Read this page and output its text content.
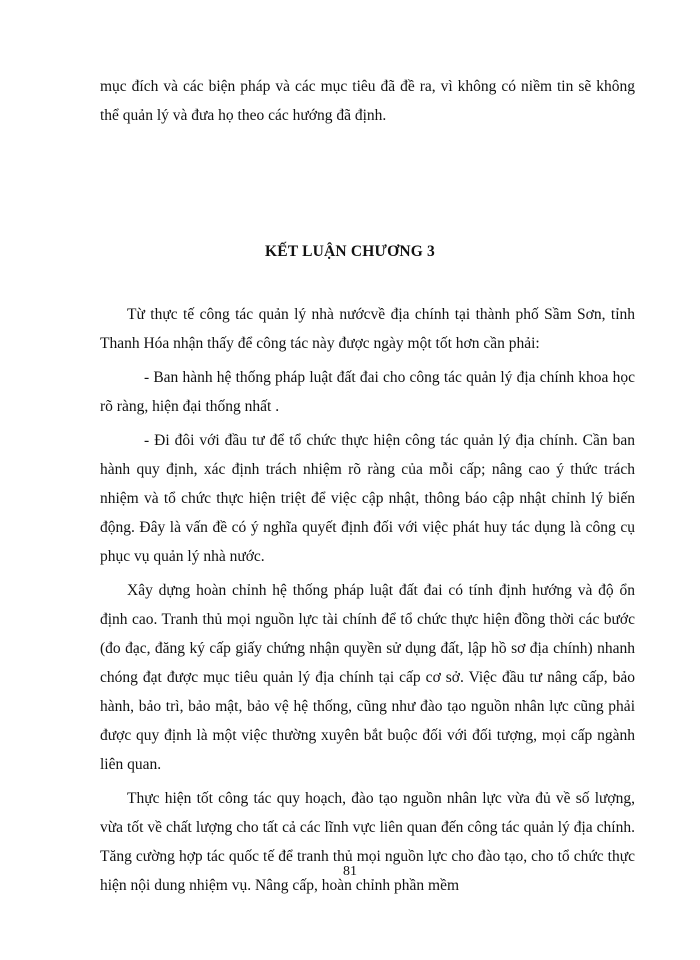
mục đích và các biện pháp và các mục tiêu đã đề ra, vì không có niềm tin sẽ không thể quản lý và đưa họ theo các hướng đã định.

KẾT LUẬN CHƯƠNG 3

Từ thực tế công tác quản lý nhà nướcvề địa chính tại thành phố Sầm Sơn, tỉnh Thanh Hóa nhận thấy để công tác này được ngày một tốt hơn cần phải:

- Ban hành hệ thống pháp luật đất đai cho công tác quản lý địa chính khoa học rõ ràng, hiện đại thống nhất .

- Đi đôi với đầu tư để tổ chức thực hiện công tác quản lý địa chính. Cần ban hành quy định, xác định trách nhiệm rõ ràng của mỗi cấp; nâng cao ý thức trách nhiệm và tổ chức thực hiện triệt để việc cập nhật, thông báo cập nhật chỉnh lý biến động. Đây là vấn đề có ý nghĩa quyết định đối với việc phát huy tác dụng là công cụ phục vụ quản lý nhà nước.

Xây dựng hoàn chỉnh hệ thống pháp luật đất đai có tính định hướng và độ ổn định cao. Tranh thủ mọi nguồn lực tài chính để tổ chức thực hiện đồng thời các bước (đo đạc, đăng ký cấp giấy chứng nhận quyền sử dụng đất, lập hồ sơ địa chính) nhanh chóng đạt được mục tiêu quản lý địa chính tại cấp cơ sở. Việc đầu tư nâng cấp, bảo hành, bảo trì, bảo mật, bảo vệ hệ thống, cũng như đào tạo nguồn nhân lực cũng phải được quy định là một việc thường xuyên bắt buộc đối với đối tượng, mọi cấp ngành liên quan.

Thực hiện tốt công tác quy hoạch, đào tạo nguồn nhân lực vừa đủ về số lượng, vừa tốt về chất lượng cho tất cả các lĩnh vực liên quan đến công tác quản lý địa chính. Tăng cường hợp tác quốc tế để tranh thủ mọi nguồn lực cho đào tạo, cho tổ chức thực hiện nội dung nhiệm vụ. Nâng cấp, hoàn chỉnh phần mềm

81
